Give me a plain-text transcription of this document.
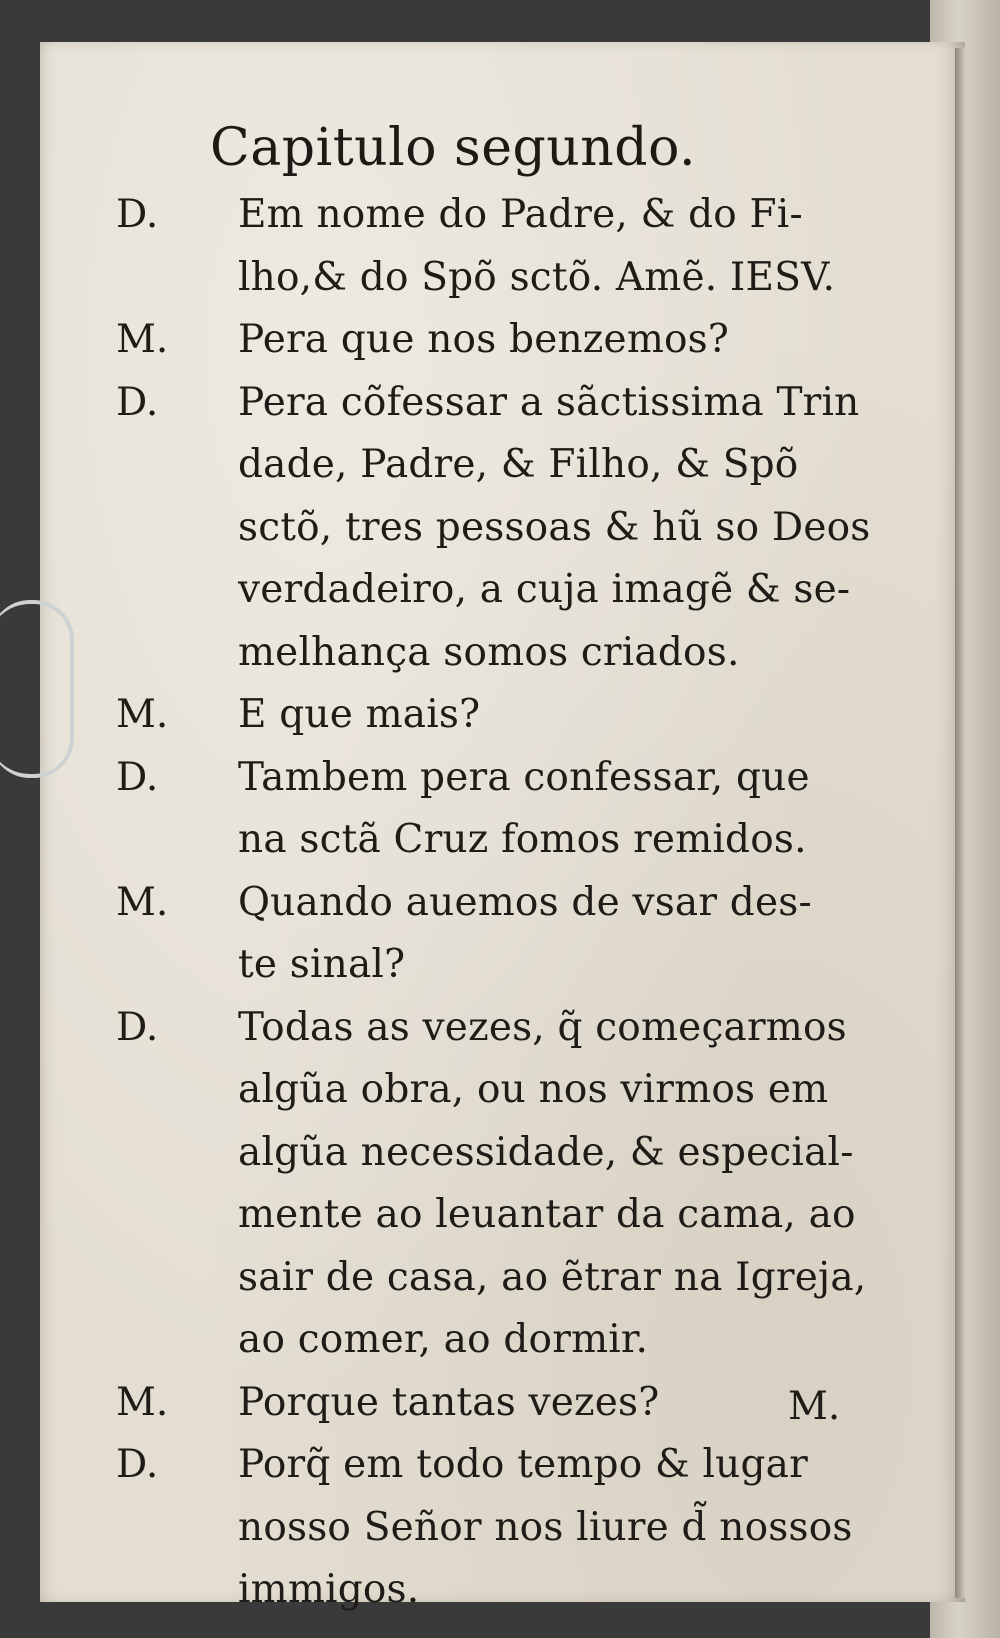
Capitulo segundo.
D. Em nome do Padre, & do Fi-
lho,& do Spõ sctõ. Amẽ. IESV.
M. Pera que nos benzemos?
D. Pera cõfessar a sãctissima Trin
dade, Padre, & Filho, & Spõ
sctõ, tres pessoas & hũ so Deos
verdadeiro, a cuja imagẽ & se-
melhança somos criados.
M. E que mais?
D. Tambem pera confessar, que
na sctã Cruz fomos remidos.
M. Quando auemos de vsar des-
te sinal?
D. Todas as vezes, q̃ começarmos
algũa obra, ou nos virmos em
algũa necessidade, & especial-
mente ao leuantar da cama, ao
sair de casa, ao ẽtrar na Igreja,
ao comer, ao dormir.
M. Porque tantas vezes?
D. Porq̃ em todo tempo & lugar
nosso Señor nos liure d̃ nossos
immigos.
M.
